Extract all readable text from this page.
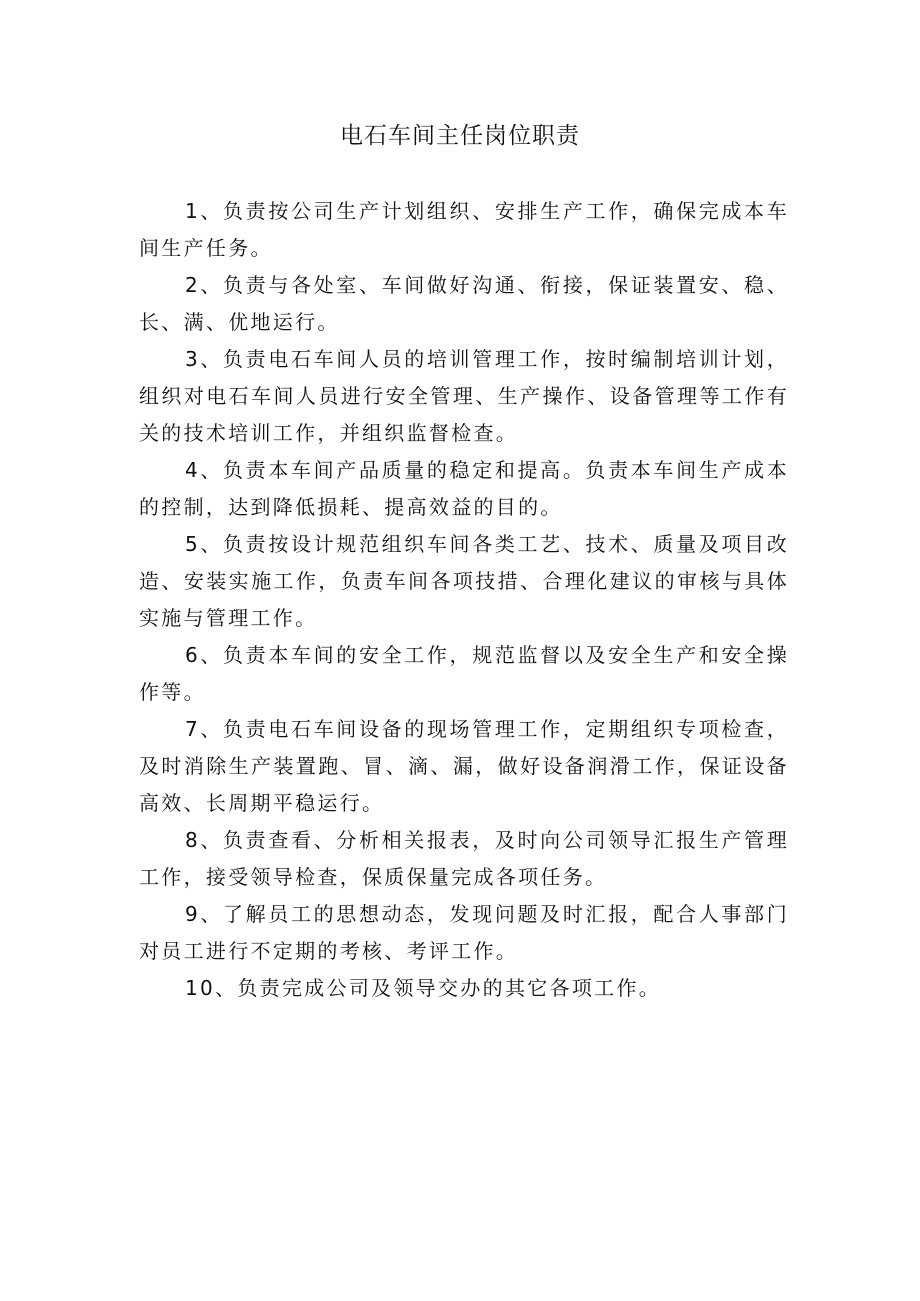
电石车间主任岗位职责

1、负责按公司生产计划组织、安排生产工作，确保完成本车间生产任务。

2、负责与各处室、车间做好沟通、衔接，保证装置安、稳、长、满、优地运行。

3、负责电石车间人员的培训管理工作，按时编制培训计划，组织对电石车间人员进行安全管理、生产操作、设备管理等工作有关的技术培训工作，并组织监督检查。

4、负责本车间产品质量的稳定和提高。负责本车间生产成本的控制，达到降低损耗、提高效益的目的。

5、负责按设计规范组织车间各类工艺、技术、质量及项目改造、安装实施工作，负责车间各项技措、合理化建议的审核与具体实施与管理工作。

6、负责本车间的安全工作，规范监督以及安全生产和安全操作等。

7、负责电石车间设备的现场管理工作，定期组织专项检查，及时消除生产装置跑、冒、滴、漏，做好设备润滑工作，保证设备高效、长周期平稳运行。

8、负责查看、分析相关报表，及时向公司领导汇报生产管理工作，接受领导检查，保质保量完成各项任务。

9、了解员工的思想动态，发现问题及时汇报，配合人事部门对员工进行不定期的考核、考评工作。

10、负责完成公司及领导交办的其它各项工作。
